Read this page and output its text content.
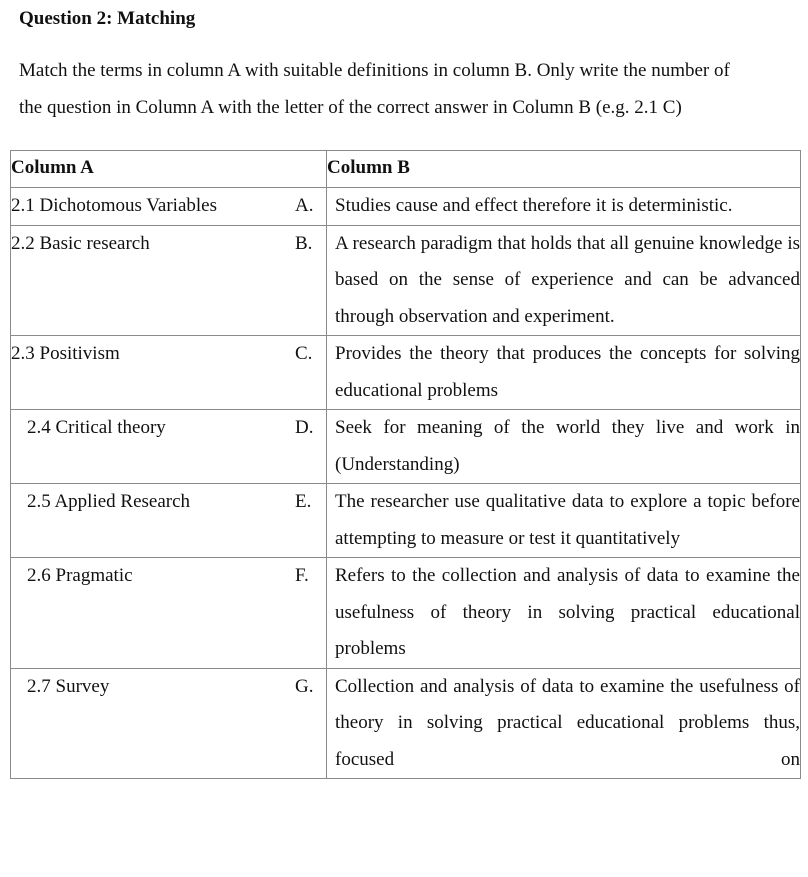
Question 2: Matching

Match the terms in column A with suitable definitions in column B. Only write the number of
the question in Column A with the letter of the correct answer in Column B (e.g. 2.1 C)

Column A	Column B
2.1 Dichotomous Variables	A. Studies cause and effect therefore it is deterministic.

2.2 Basic research	B. A research paradigm that holds that all genuine knowledge is based on the sense of experience and can be advanced through observation and experiment.

2.3 Positivism	C. Provides the theory that produces the concepts for solving educational problems

2.4 Critical theory	D. Seek for meaning of the world they live and work in (Understanding)

2.5 Applied Research	E. The researcher use qualitative data to explore a topic before attempting to measure or test it quantitatively

2.6 Pragmatic	F. Refers to the collection and analysis of data to examine the usefulness of theory in solving practical educational problems

2.7 Survey	G. Collection and analysis of data to examine the usefulness of theory in solving practical educational problems thus, focused on
